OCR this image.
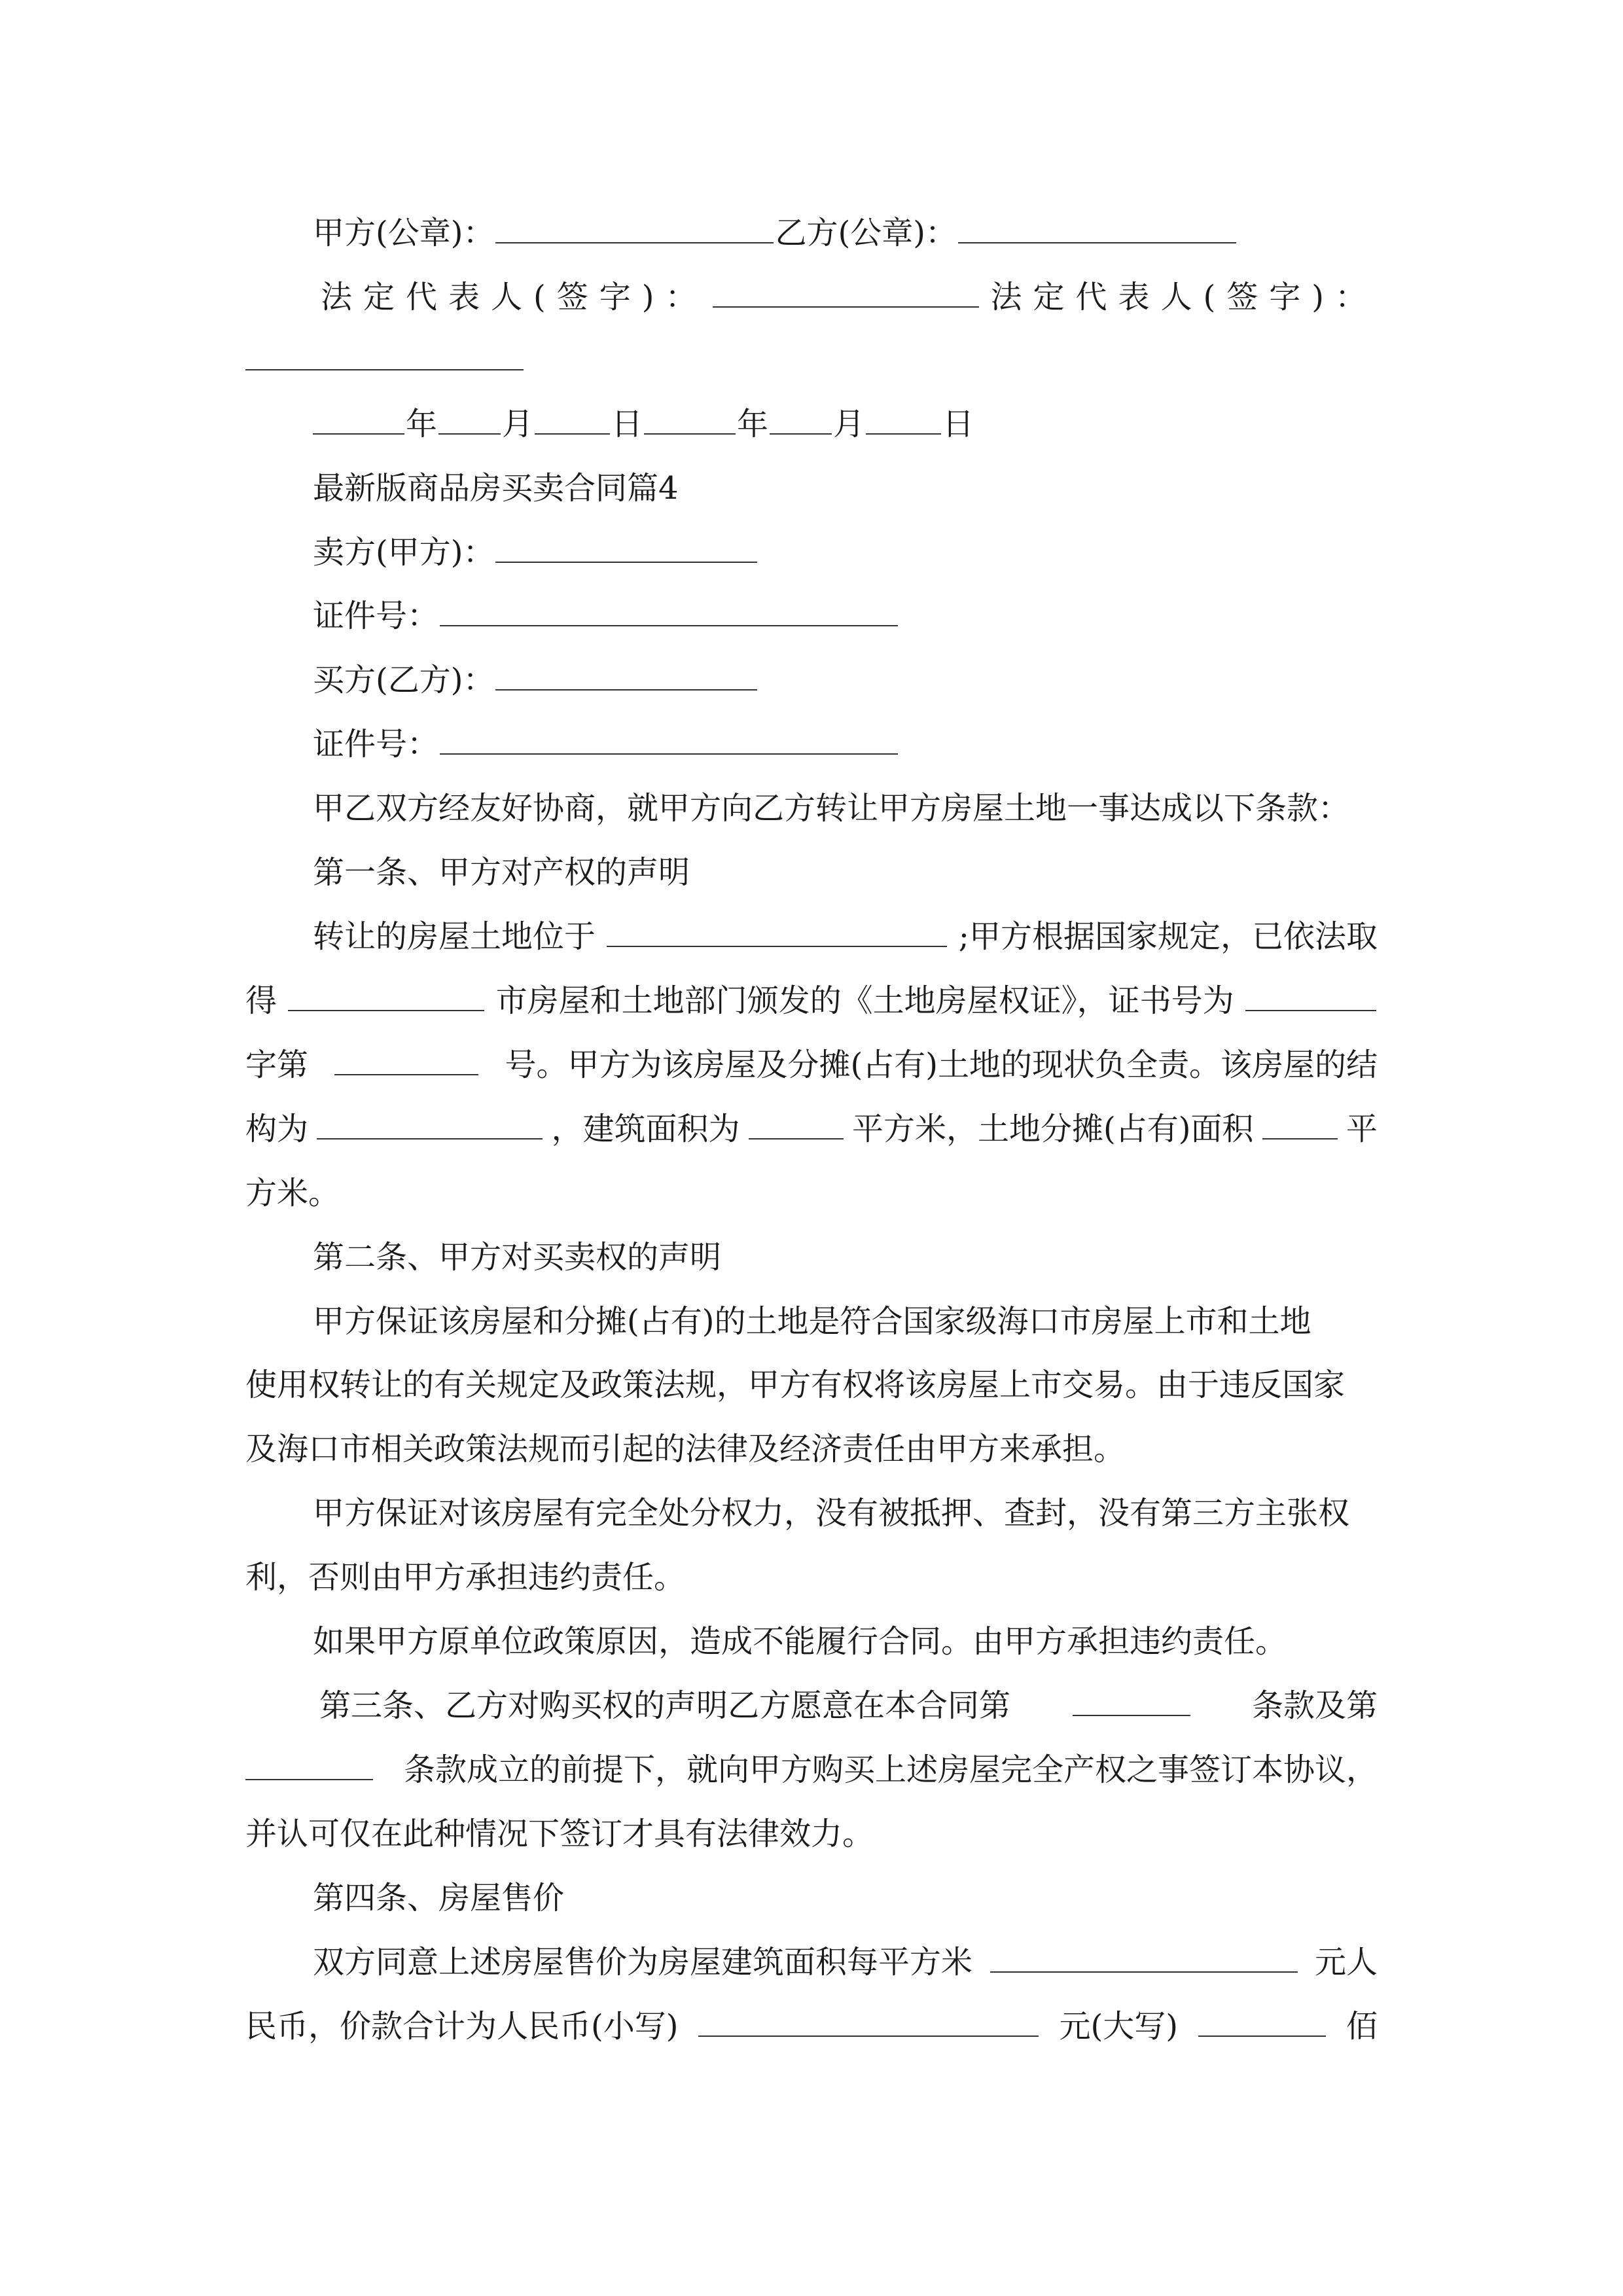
甲方(公章)：	乙方(公章)：
法定代表人(签字)：	法定代表人(签字)：
年 月 日	年 月 日
最新版商品房买卖合同篇4
卖方(甲方)：
证件号：
买方(乙方)：
证件号：
甲乙双方经友好协商，就甲方向乙方转让甲方房屋土地一事达成以下条款：
第一条、甲方对产权的声明
转让的房屋土地位于	;甲方根据国家规定，已依法取
得	市房屋和土地部门颁发的《土地房屋权证》，证书号为
字第	号。甲方为该房屋及分摊(占有)土地的现状负全责。该房屋的结
构为	，建筑面积为	平方米，土地分摊(占有)面积	平
方米。
第二条、甲方对买卖权的声明
甲方保证该房屋和分摊(占有)的土地是符合国家级海口市房屋上市和土地
使用权转让的有关规定及政策法规，甲方有权将该房屋上市交易。由于违反国家
及海口市相关政策法规而引起的法律及经济责任由甲方来承担。
甲方保证对该房屋有完全处分权力，没有被抵押、查封，没有第三方主张权
利，否则由甲方承担违约责任。
如果甲方原单位政策原因，造成不能履行合同。由甲方承担违约责任。
第三条、乙方对购买权的声明乙方愿意在本合同第	条款及第
条款成立的前提下，就向甲方购买上述房屋完全产权之事签订本协议，
并认可仅在此种情况下签订才具有法律效力。
第四条、房屋售价
双方同意上述房屋售价为房屋建筑面积每平方米	元人
民币，价款合计为人民币(小写)	元(大写)	佰
